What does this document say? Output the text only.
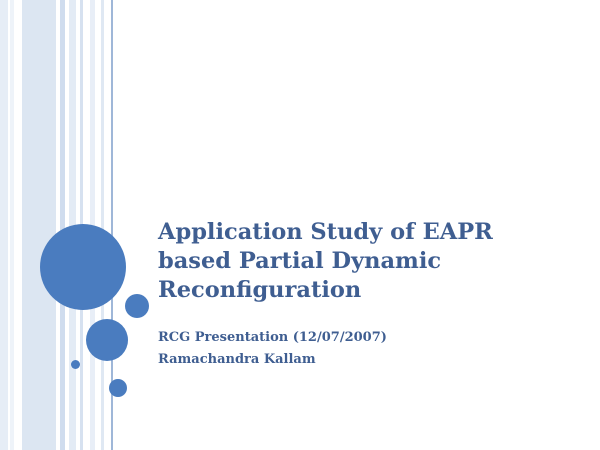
Application Study of EAPR
based Partial Dynamic
Reconfiguration
RCG Presentation (12/07/2007)
Ramachandra Kallam
